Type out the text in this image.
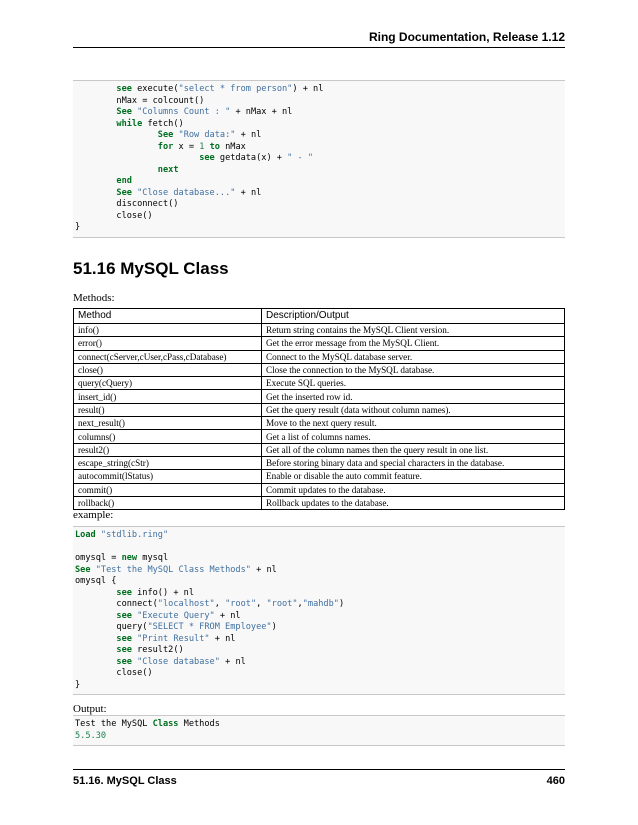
Ring Documentation, Release 1.12
see execute("select * from person") + nl
nMax = colcount()
See "Columns Count : " + nMax + nl
while fetch()
See "Row data:" + nl
for x = 1 to nMax
see getdata(x) + " - "
next
end
See "Close database..." + nl
disconnect()
close()
}
51.16 MySQL Class
Methods:
Method	Description/Output
info()	Return string contains the MySQL Client version.
error()	Get the error message from the MySQL Client.
connect(cServer,cUser,cPass,cDatabase)	Connect to the MySQL database server.
close()	Close the connection to the MySQL database.
query(cQuery)	Execute SQL queries.
insert_id()	Get the inserted row id.
result()	Get the query result (data without column names).
next_result()	Move to the next query result.
columns()	Get a list of columns names.
result2()	Get all of the column names then the query result in one list.
escape_string(cStr)	Before storing binary data and special characters in the database.
autocommit(lStatus)	Enable or disable the auto commit feature.
commit()	Commit updates to the database.
rollback()	Rollback updates to the database.
example:
Load "stdlib.ring"
omysql = new mysql
See "Test the MySQL Class Methods" + nl
omysql {
see info() + nl
connect("localhost", "root", "root","mahdb")
see "Execute Query" + nl
query("SELECT * FROM Employee")
see "Print Result" + nl
see result2()
see "Close database" + nl
close()
}
Output:
Test the MySQL Class Methods
5.5.30
51.16. MySQL Class	460
